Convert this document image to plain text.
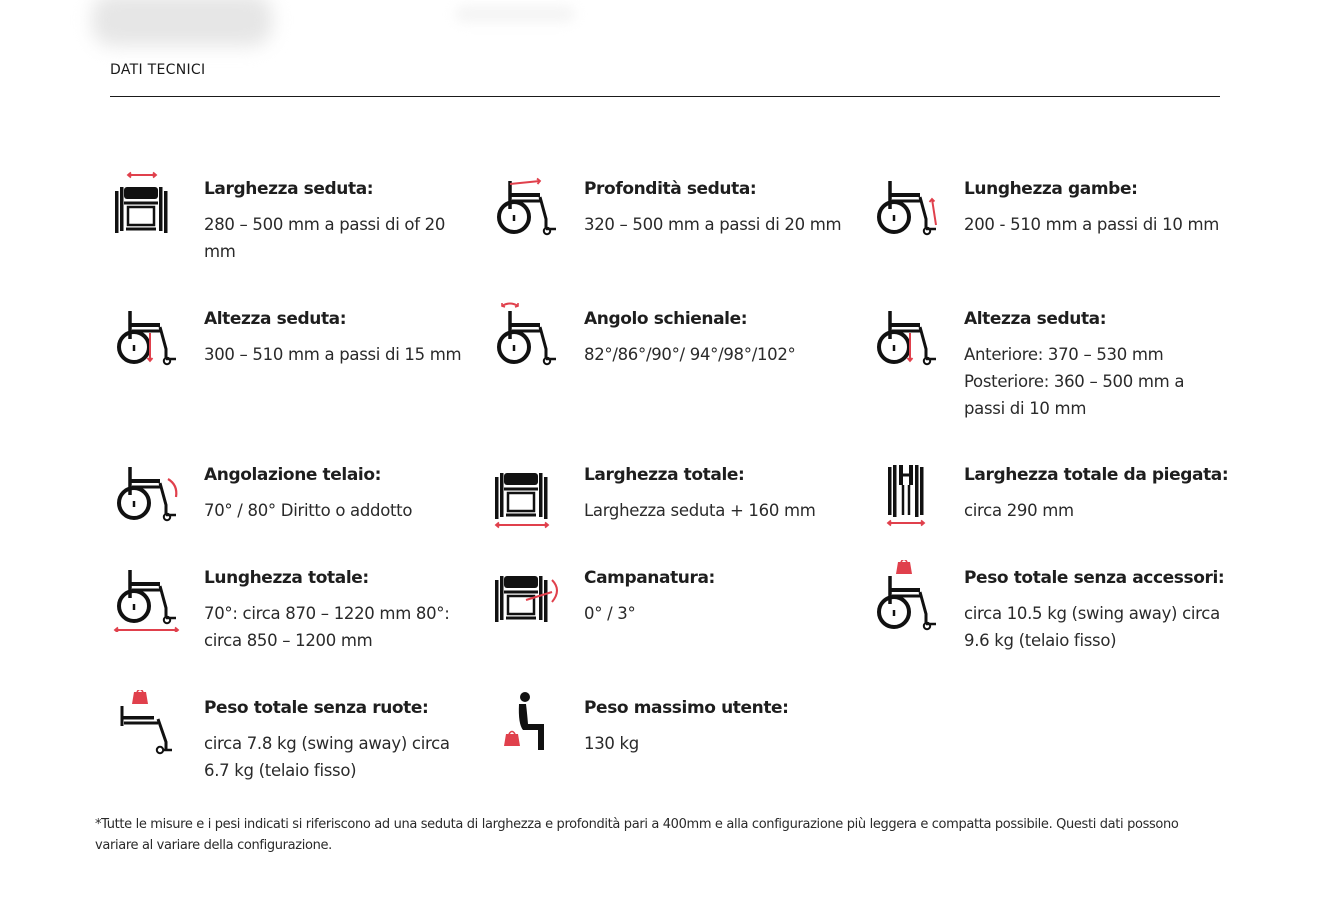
DATI TECNICI
Larghezza seduta:
280 – 500 mm a passi di of 20 mm
Profondità seduta:
320 – 500 mm a passi di 20 mm
Lunghezza gambe:
200 - 510 mm a passi di 10 mm
Altezza seduta:
300 – 510 mm a passi di 15 mm
Angolo schienale:
82°/86°/90°/ 94°/98°/102°
Altezza seduta:
Anteriore: 370 – 530 mm Posteriore: 360 – 500 mm a passi di 10 mm
Angolazione telaio:
70° / 80° Diritto o addotto
Larghezza totale:
Larghezza seduta + 160 mm
Larghezza totale da piegata:
circa 290 mm
Lunghezza totale:
70°: circa 870 – 1220 mm 80°: circa 850 – 1200 mm
Campanatura:
0° / 3°
Peso totale senza accessori:
circa 10.5 kg (swing away) circa 9.6 kg (telaio fisso)
Peso totale senza ruote:
circa 7.8 kg (swing away) circa 6.7 kg (telaio fisso)
Peso massimo utente:
130 kg
*Tutte le misure e i pesi indicati si riferiscono ad una seduta di larghezza e profondità pari a 400mm e alla configurazione più leggera e compatta possibile. Questi dati possono variare al variare della configurazione.
